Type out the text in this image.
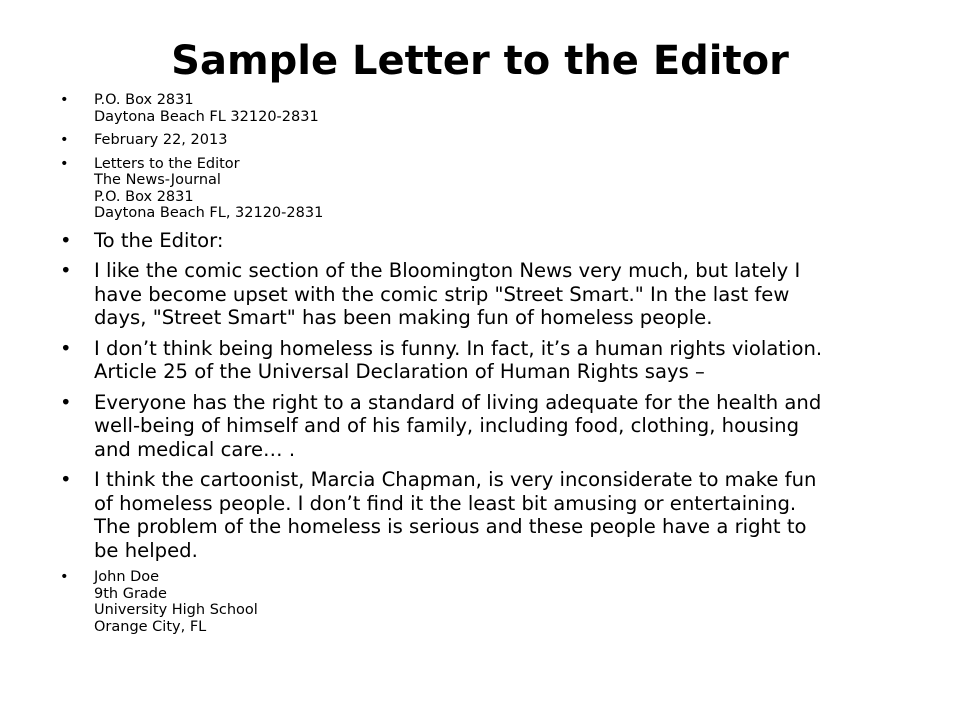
Sample Letter to the Editor
•	P.O. Box 2831
Daytona Beach FL 32120-2831
•	February 22, 2013
•	Letters to the Editor
The News-Journal
P.O. Box 2831
Daytona Beach FL, 32120-2831
•	To the Editor:
•	I like the comic section of the Bloomington News very much, but lately I
have become upset with the comic strip "Street Smart." In the last few
days, "Street Smart" has been making fun of homeless people.
•	I don’t think being homeless is funny. In fact, it’s a human rights violation.
Article 25 of the Universal Declaration of Human Rights says –
•	Everyone has the right to a standard of living adequate for the health and
well-being of himself and of his family, including food, clothing, housing
and medical care… .
•	I think the cartoonist, Marcia Chapman, is very inconsiderate to make fun
of homeless people. I don’t find it the least bit amusing or entertaining.
The problem of the homeless is serious and these people have a right to
be helped.
•	John Doe
9th Grade
University High School
Orange City, FL
